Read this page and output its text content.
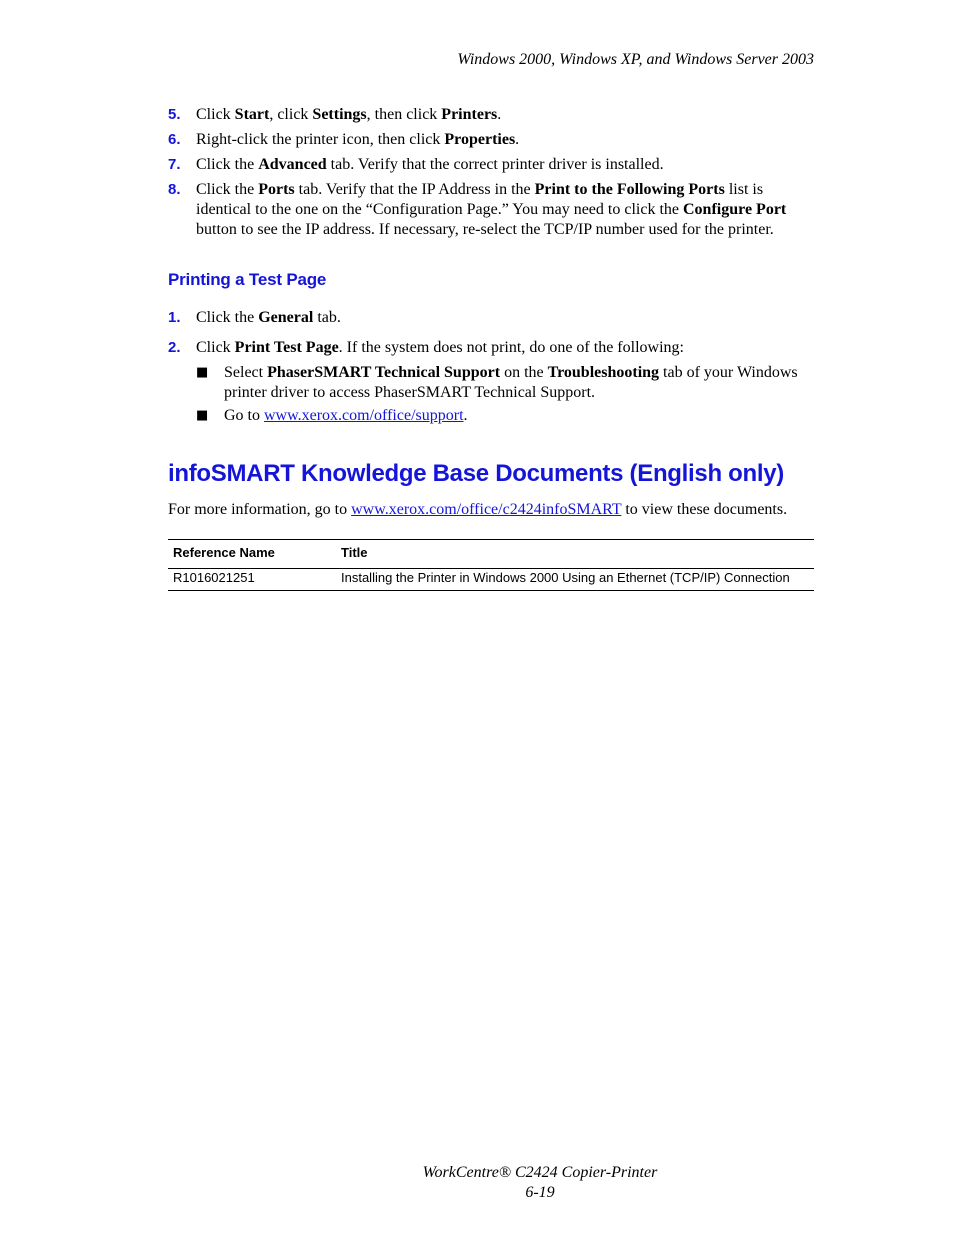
Windows 2000, Windows XP, and Windows Server 2003
5. Click Start, click Settings, then click Printers.
6. Right-click the printer icon, then click Properties.
7. Click the Advanced tab. Verify that the correct printer driver is installed.
8. Click the Ports tab. Verify that the IP Address in the Print to the Following Ports list is identical to the one on the “Configuration Page.” You may need to click the Configure Port button to see the IP address. If necessary, re-select the TCP/IP number used for the printer.
Printing a Test Page
1. Click the General tab.
2. Click Print Test Page. If the system does not print, do one of the following:
■ Select PhaserSMART Technical Support on the Troubleshooting tab of your Windows printer driver to access PhaserSMART Technical Support.
■ Go to www.xerox.com/office/support.
infoSMART Knowledge Base Documents (English only)
For more information, go to www.xerox.com/office/c2424infoSMART to view these documents.
Reference Name	Title
R1016021251	Installing the Printer in Windows 2000 Using an Ethernet (TCP/IP) Connection
WorkCentre® C2424 Copier-Printer
6-19
